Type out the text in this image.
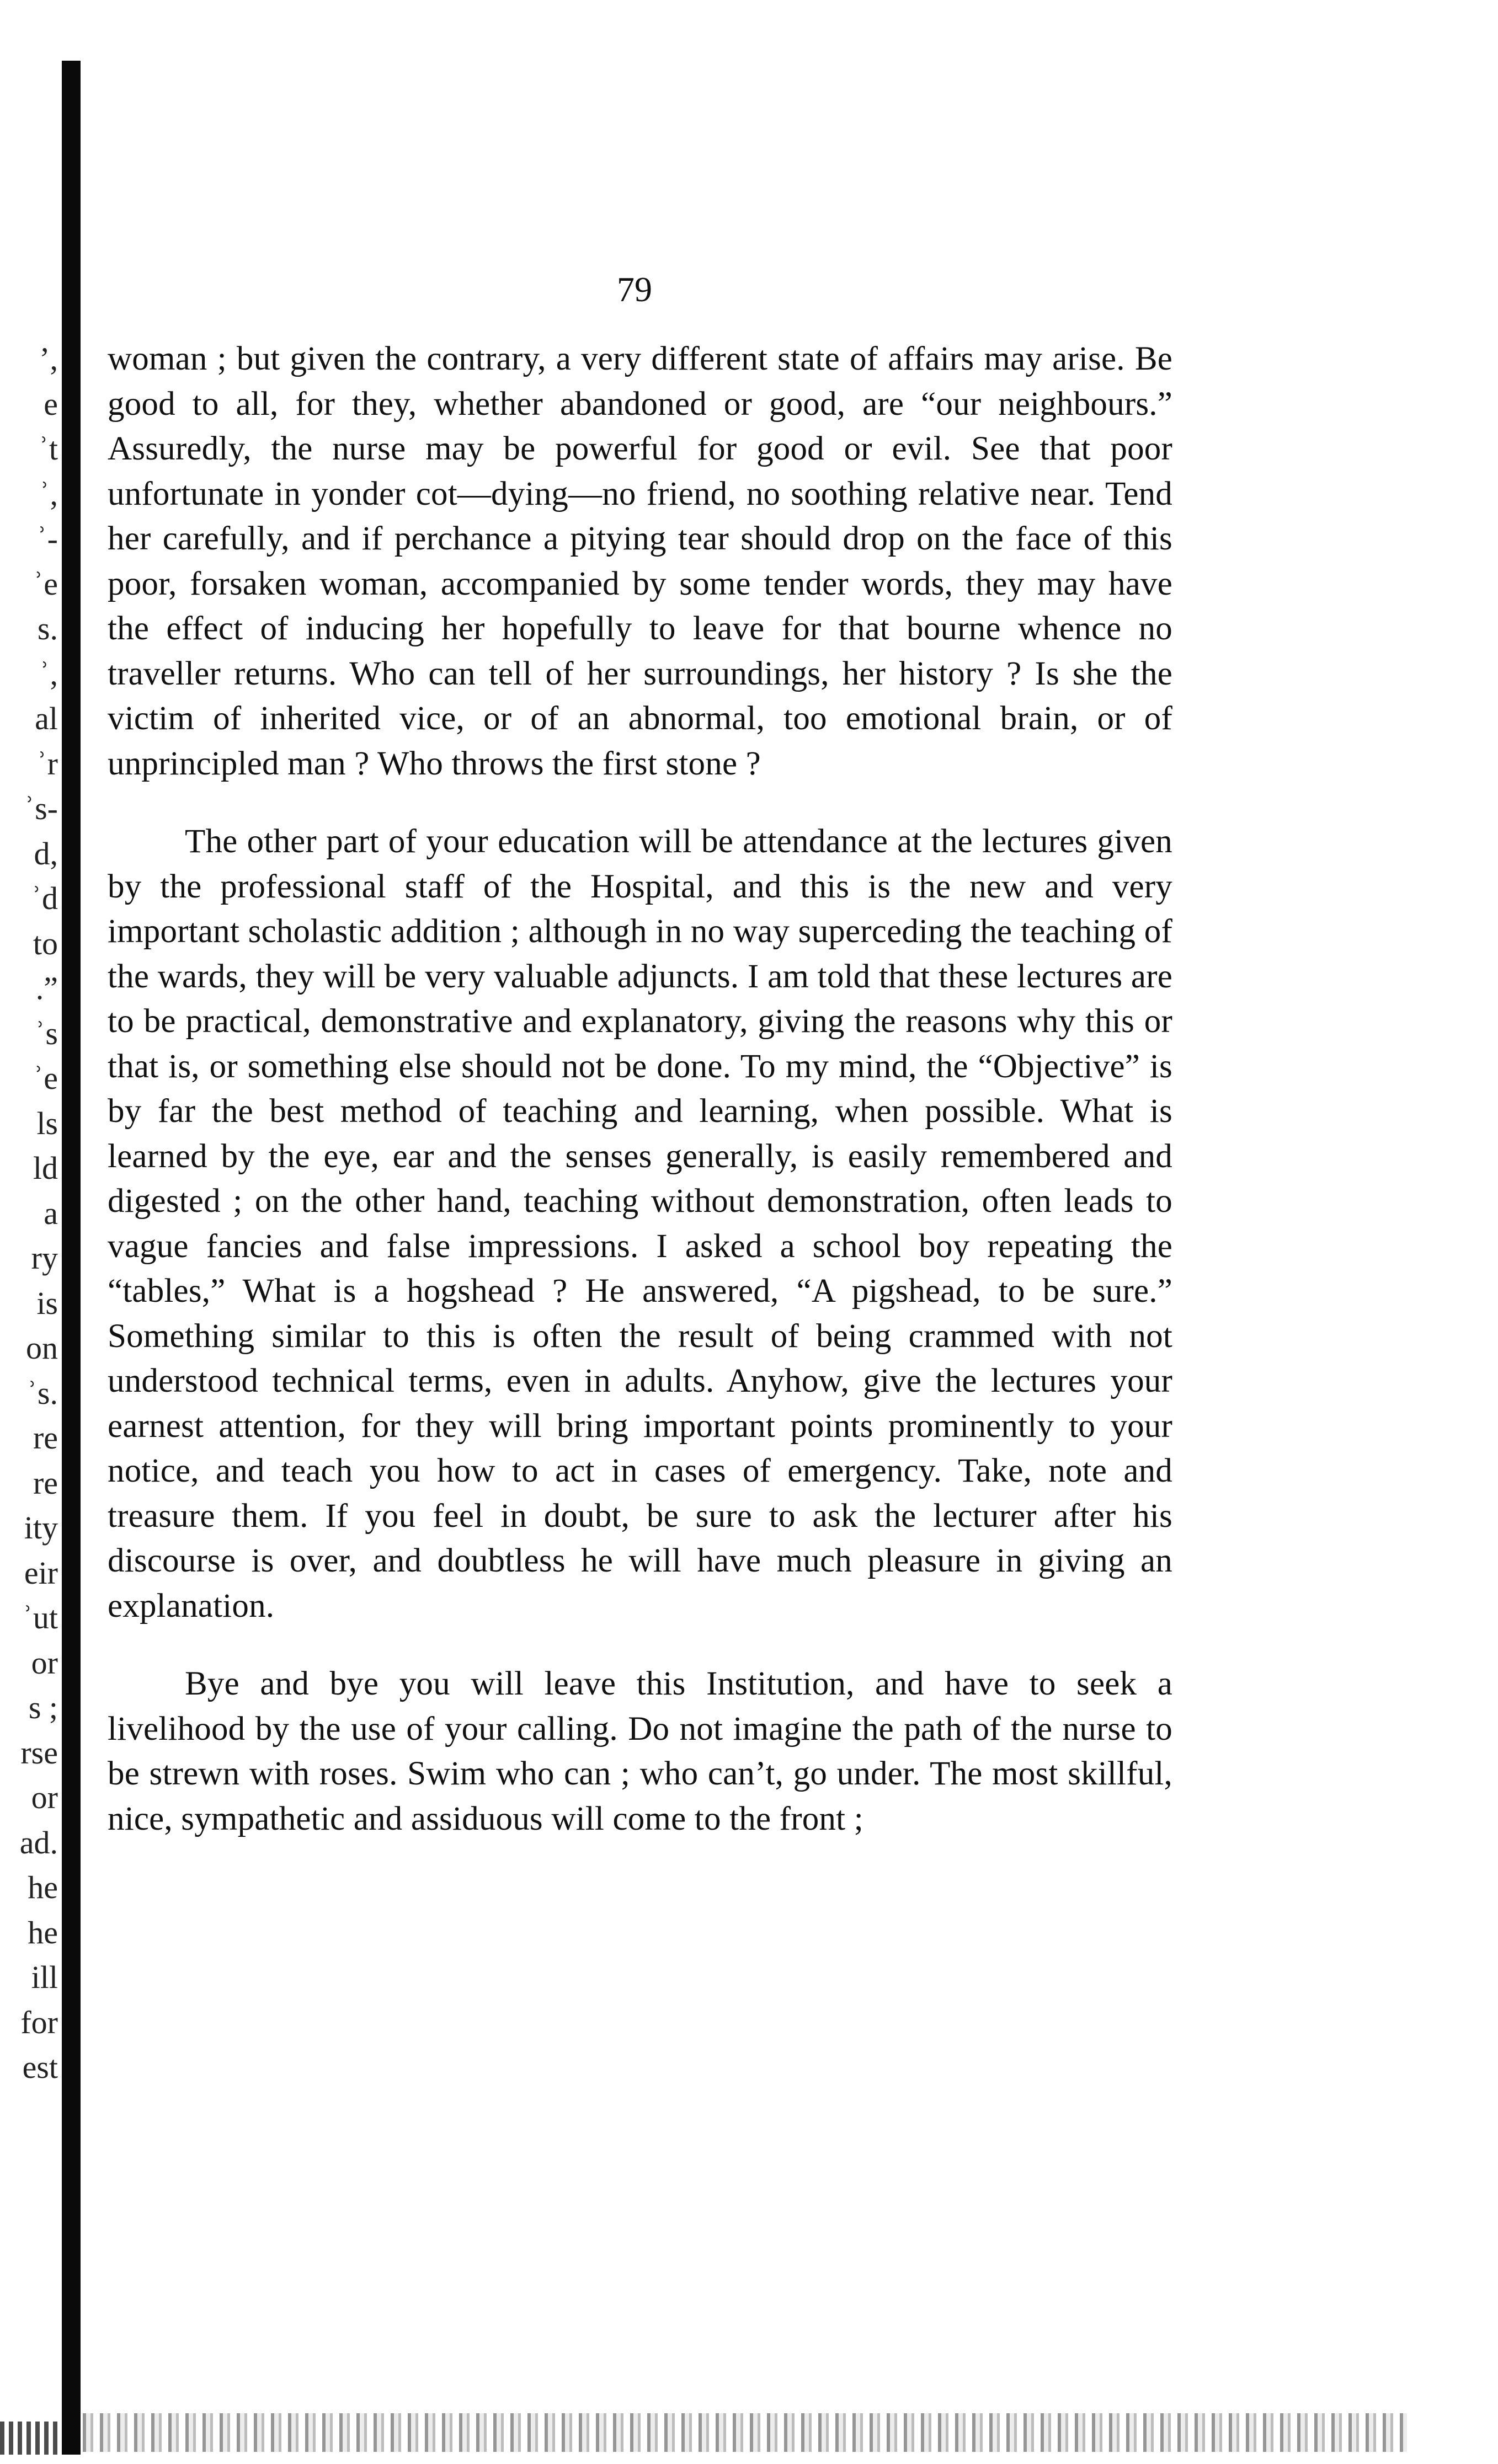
’,
e
ʾt
ʾ,
ʾ-
ʾe
s.
ʾ,
al
ʾr
ʾs-
d,
ʾd
to
.”
ʾs
ʾe
ls
ld
a
ry
is
on
ʾs.
re
re
ity
eir
ʾut
or
s ;
rse
or
ad.
he
he
ill
for
est
79

woman ; but given the contrary, a very different state of affairs may arise. Be good to all, for they, whether abandoned or good, are “our neighbours.” Assuredly, the nurse may be powerful for good or evil. See that poor unfortunate in yonder cot—dying—no friend, no soothing relative near. Tend her carefully, and if perchance a pitying tear should drop on the face of this poor, forsaken woman, accompanied by some tender words, they may have the effect of inducing her hopefully to leave for that bourne whence no traveller returns. Who can tell of her surroundings, her history ? Is she the victim of inherited vice, or of an abnormal, too emotional brain, or of unprincipled man ? Who throws the first stone ?

The other part of your education will be attendance at the lectures given by the professional staff of the Hospital, and this is the new and very important scholastic addition ; although in no way superceding the teaching of the wards, they will be very valuable adjuncts. I am told that these lectures are to be practical, demonstrative and explanatory, giving the reasons why this or that is, or something else should not be done. To my mind, the “Objective” is by far the best method of teaching and learning, when possible. What is learned by the eye, ear and the senses generally, is easily remembered and digested ; on the other hand, teaching without demonstration, often leads to vague fancies and false impressions. I asked a school boy repeating the “tables,” What is a hogshead ? He answered, “A pigshead, to be sure.” Something similar to this is often the result of being crammed with not understood technical terms, even in adults. Anyhow, give the lectures your earnest attention, for they will bring important points prominently to your notice, and teach you how to act in cases of emergency. Take, note and treasure them. If you feel in doubt, be sure to ask the lecturer after his discourse is over, and doubtless he will have much pleasure in giving an explanation.

Bye and bye you will leave this Institution, and have to seek a livelihood by the use of your calling. Do not imagine the path of the nurse to be strewn with roses. Swim who can ; who can’t, go under. The most skillful, nice, sympathetic and assiduous will come to the front ;
